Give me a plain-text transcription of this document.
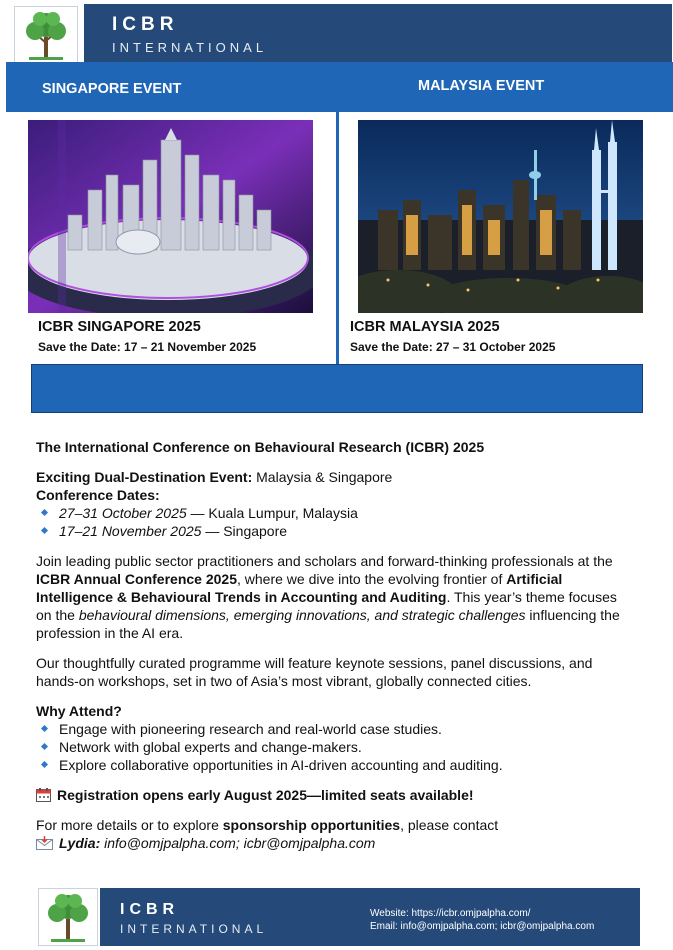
ICBR
INTERNATIONAL
SINGAPORE EVENT	MALAYSIA EVENT
ICBR SINGAPORE 2025
Save the Date: 17 – 21 November 2025
ICBR MALAYSIA 2025
Save the Date: 27 – 31 October 2025

The International Conference on Behavioural Research (ICBR) 2025

Exciting Dual-Destination Event: Malaysia & Singapore

Conference Dates:

27–31 October 2025 — Kuala Lumpur, Malaysia
17–21 November 2025 — Singapore

Join leading public sector practitioners and scholars and forward-thinking professionals at the ICBR Annual Conference 2025, where we dive into the evolving frontier of Artificial Intelligence & Behavioural Trends in Accounting and Auditing. This year’s theme focuses on the behavioural dimensions, emerging innovations, and strategic challenges influencing the profession in the AI era.

Our thoughtfully curated programme will feature keynote sessions, panel discussions, and hands-on workshops, set in two of Asia’s most vibrant, globally connected cities.

Why Attend?

Engage with pioneering research and real-world case studies.
Network with global experts and change-makers.
Explore collaborative opportunities in AI-driven accounting and auditing.

Registration opens early August 2025—limited seats available!

For more details or to explore sponsorship opportunities, please contact

Lydia: info@omjpalpha.com; icbr@omjpalpha.com

ICBR
INTERNATIONAL
Website: https://icbr.omjpalpha.com/
Email: info@omjpalpha.com; icbr@omjpalpha.com
